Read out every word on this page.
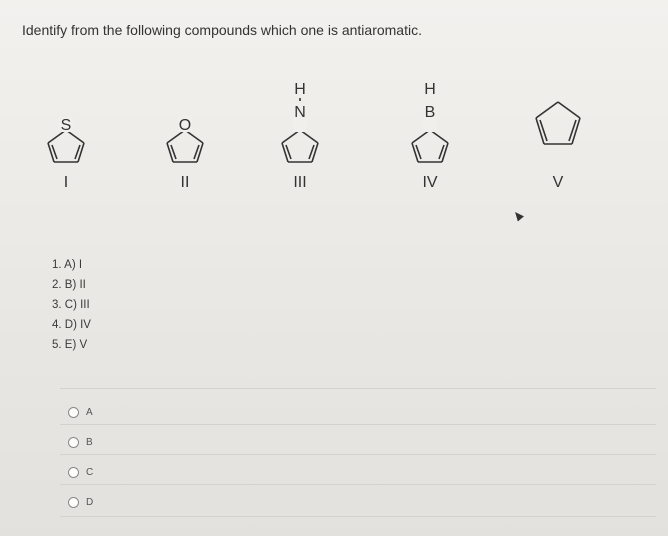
Identify from the following compounds which one is antiaromatic.
S
I
O
II
H
N
III
H
B
IV	V
1. A) I
2. B) II
3. C) III
4. D) IV
5. E) V
A
B
C
D
